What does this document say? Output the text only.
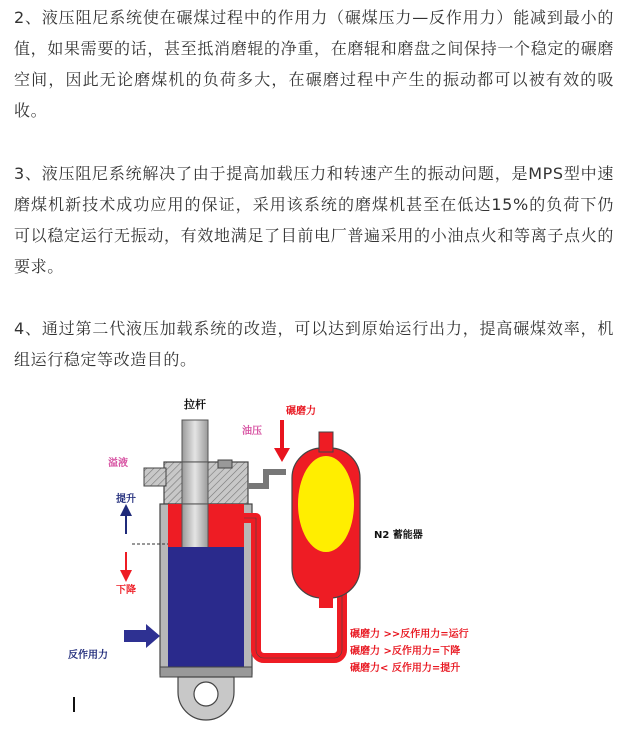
2、液压阻尼系统使在碾煤过程中的作用力（碾煤压力—反作用力）能减到最小的值，如果需要的话，甚至抵消磨辊的净重，在磨辊和磨盘之间保持一个稳定的碾磨空间，因此无论磨煤机的负荷多大，在碾磨过程中产生的振动都可以被有效的吸收。

3、液压阻尼系统解决了由于提高加载压力和转速产生的振动问题，是MPS型中速磨煤机新技术成功应用的保证，采用该系统的磨煤机甚至在低达15%的负荷下仍可以稳定运行无振动，有效地满足了目前电厂普遍采用的小油点火和等离子点火的要求。

4、通过第二代液压加载系统的改造，可以达到原始运行出力，提高碾煤效率，机组运行稳定等改造目的。

拉杆
碾磨力
油压
溢液
提升
下降
N2 蓄能器
反作用力
碾磨力 >>反作用力=运行
碾磨力 >反作用力=下降
碾磨力< 反作用力=提升
